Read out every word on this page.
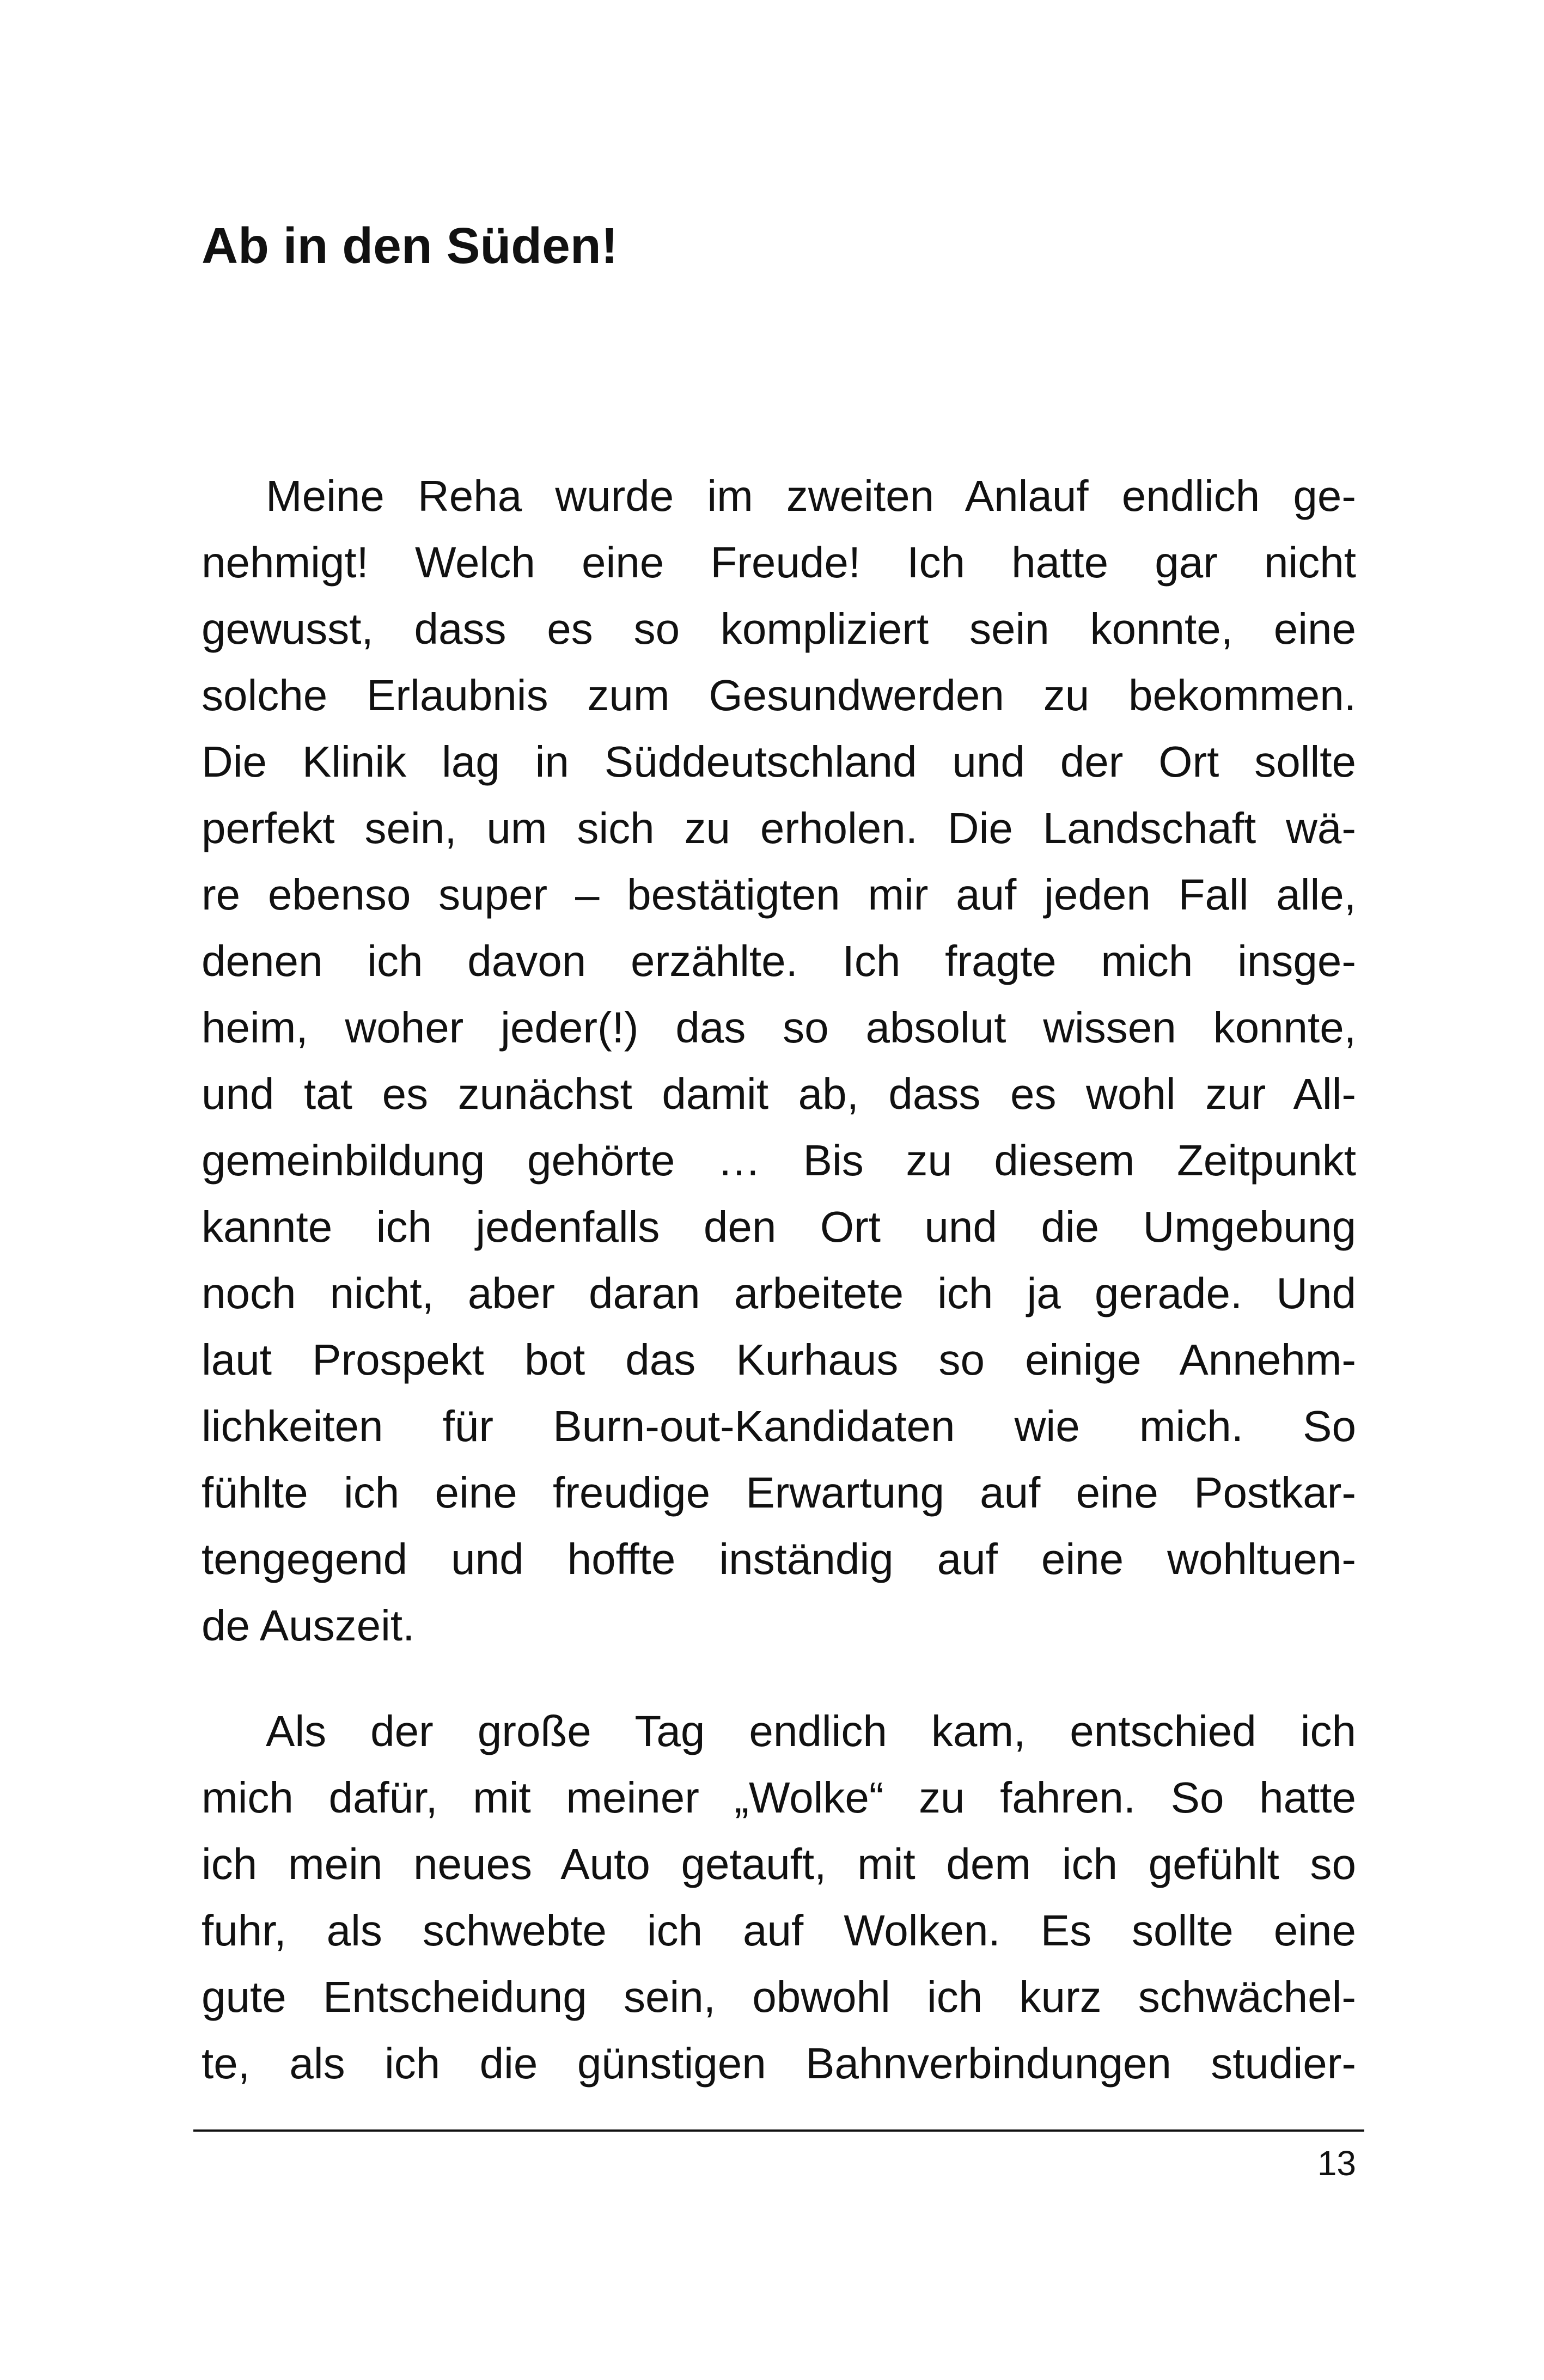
Ab in den Süden!
Meine Reha wurde im zweiten Anlauf endlich ge-
nehmigt! Welch eine Freude! Ich hatte gar nicht
gewusst, dass es so kompliziert sein konnte, eine
solche Erlaubnis zum Gesundwerden zu bekommen.
Die Klinik lag in Süddeutschland und der Ort sollte
perfekt sein, um sich zu erholen. Die Landschaft wä-
re ebenso super – bestätigten mir auf jeden Fall alle,
denen ich davon erzählte. Ich fragte mich insge-
heim, woher jeder(!) das so absolut wissen konnte,
und tat es zunächst damit ab, dass es wohl zur All-
gemeinbildung gehörte … Bis zu diesem Zeitpunkt
kannte ich jedenfalls den Ort und die Umgebung
noch nicht, aber daran arbeitete ich ja gerade. Und
laut Prospekt bot das Kurhaus so einige Annehm-
lichkeiten für Burn-out-Kandidaten wie mich. So
fühlte ich eine freudige Erwartung auf eine Postkar-
tengegend und hoffte inständig auf eine wohltuen-
de Auszeit.
Als der große Tag endlich kam, entschied ich
mich dafür, mit meiner „Wolke“ zu fahren. So hatte
ich mein neues Auto getauft, mit dem ich gefühlt so
fuhr, als schwebte ich auf Wolken. Es sollte eine
gute Entscheidung sein, obwohl ich kurz schwächel-
te, als ich die günstigen Bahnverbindungen studier-
13
